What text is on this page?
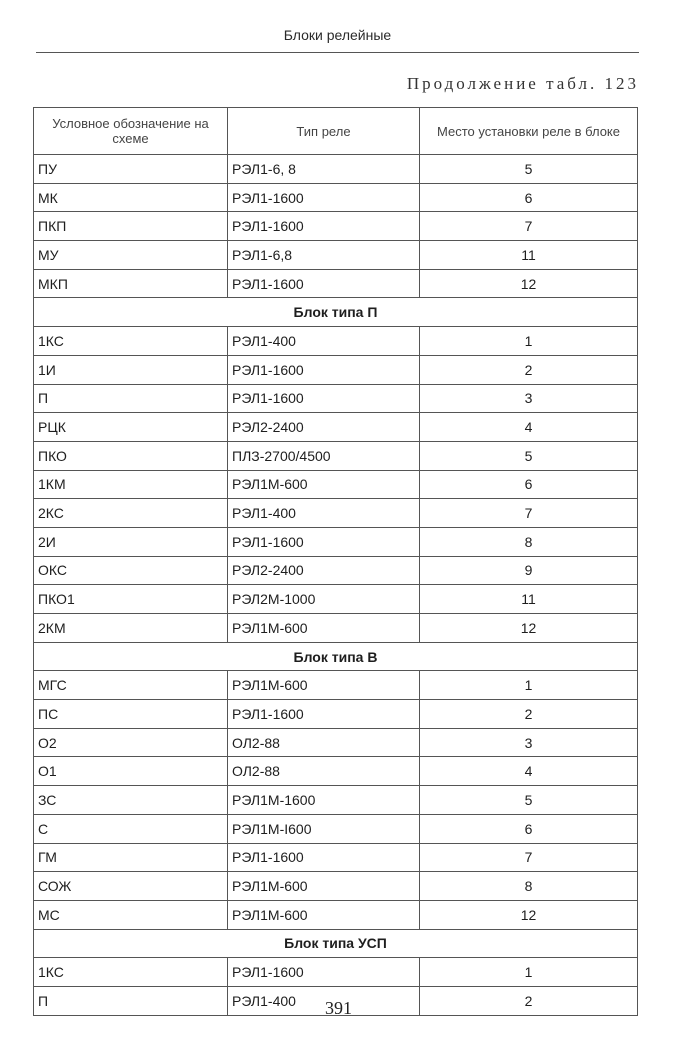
Блоки релейные
Продолжение табл. 123
Условное обозначение на схеме	Тип реле	Место установки реле в блоке
ПУ	РЭЛ1-6, 8	5
МК	РЭЛ1-1600	6
ПКП	РЭЛ1-1600	7
МУ	РЭЛ1-6,8	11
МКП	РЭЛ1-1600	12
Блок типа П		
1КС	РЭЛ1-400	1
1И	РЭЛ1-1600	2
П	РЭЛ1-1600	3
РЦК	РЭЛ2-2400	4
ПКО	ПЛЗ-2700/4500	5
1КМ	РЭЛ1М-600	6
2КС	РЭЛ1-400	7
2И	РЭЛ1-1600	8
ОКС	РЭЛ2-2400	9
ПКО1	РЭЛ2М-1000	11
2КМ	РЭЛ1М-600	12
Блок типа В		
МГС	РЭЛ1М-600	1
ПС	РЭЛ1-1600	2
О2	ОЛ2-88	3
О1	ОЛ2-88	4
ЗС	РЭЛ1М-1600	5
С	РЭЛ1М-I600	6
ГМ	РЭЛ1-1600	7
СОЖ	РЭЛ1М-600	8
МС	РЭЛ1М-600	12
Блок типа УСП		
1КС	РЭЛ1-1600	1
П	РЭЛ1-400	2
391
